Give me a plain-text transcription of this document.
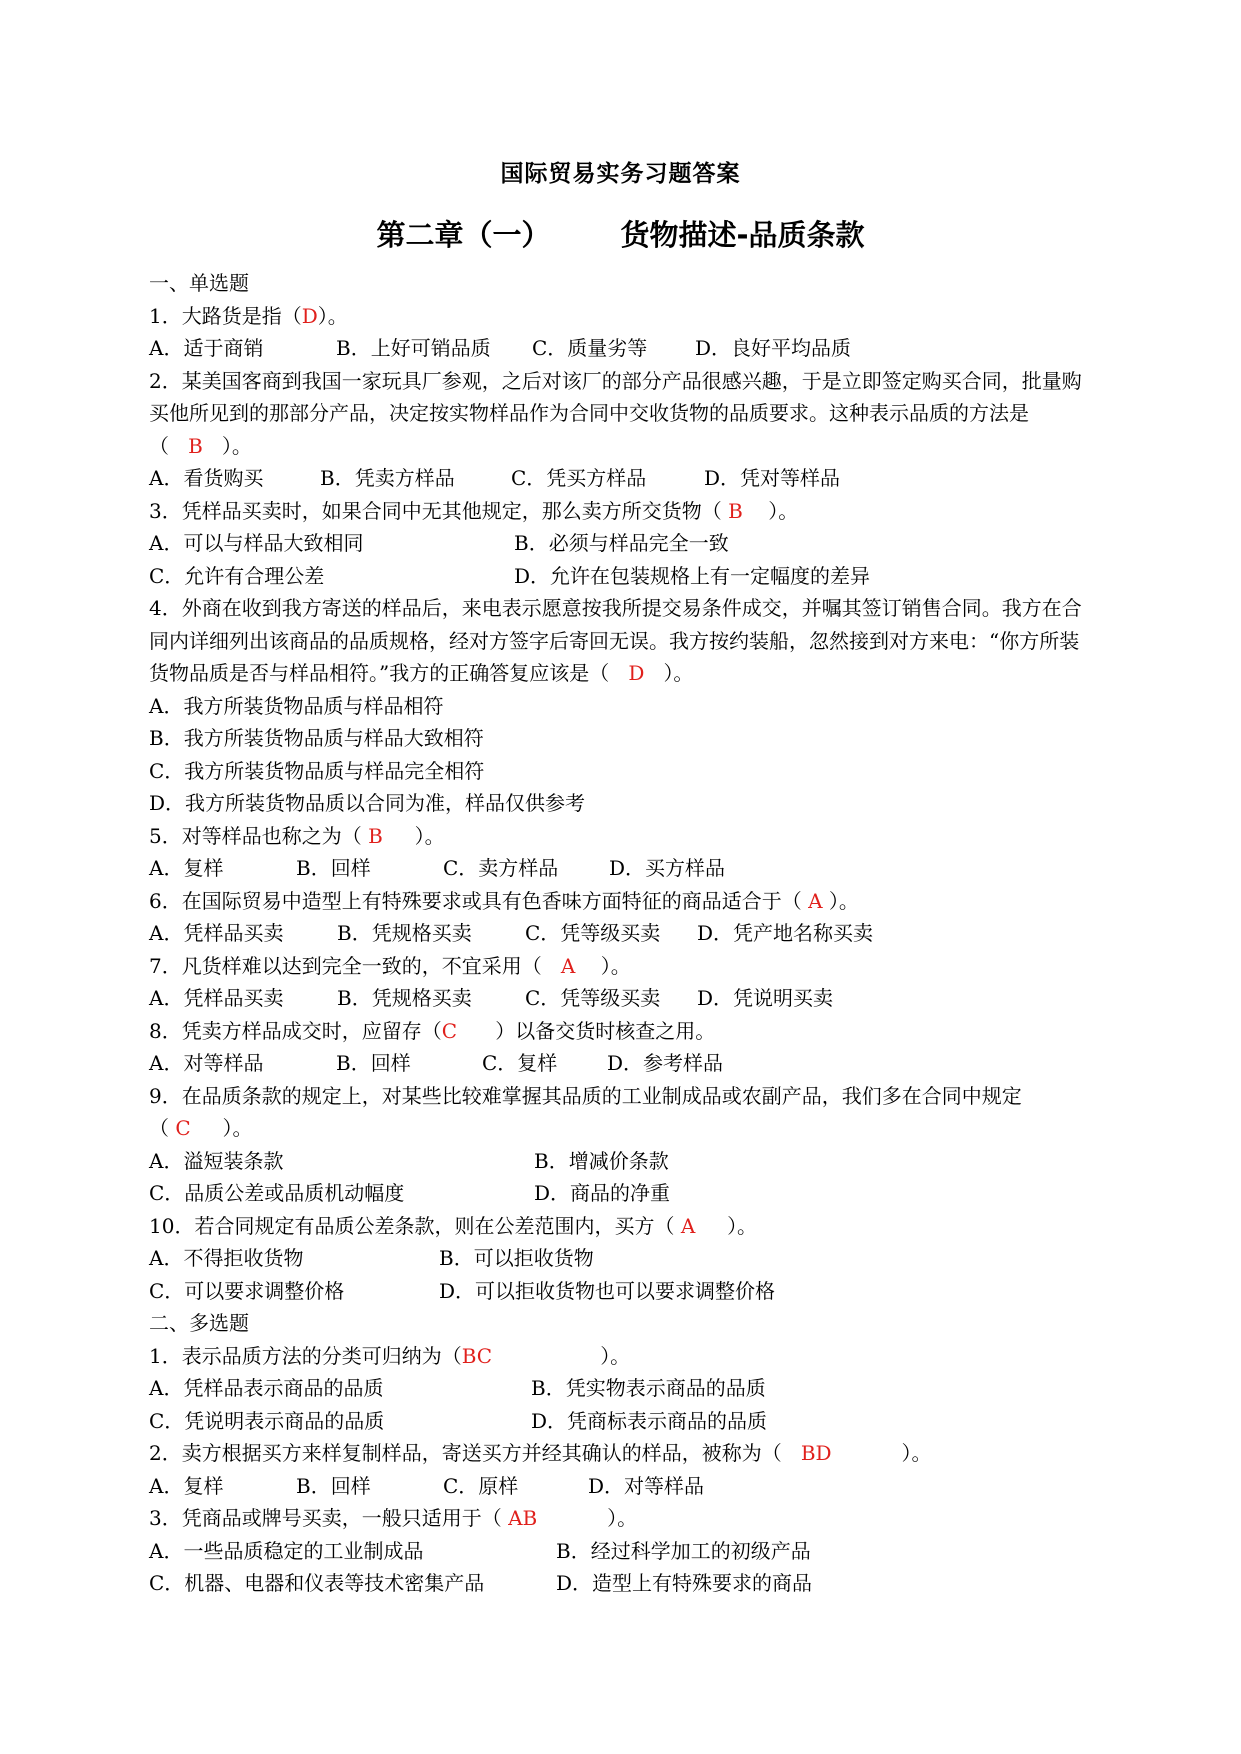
国际贸易实务习题答案
第二章（一） 货物描述-品质条款
一、单选题
1．大路货是指（D）。
A．适于商销	B．上好可销品质	C．质量劣等	D．良好平均品质
2．某美国客商到我国一家玩具厂参观，之后对该厂的部分产品很感兴趣，于是立即签定购买合同，批量购买他所见到的那部分产品，决定按实物样品作为合同中交收货物的品质要求。这种表示品质的方法是（ B ）。
A．看货购买	B．凭卖方样品	C．凭买方样品	D．凭对等样品
3．凭样品买卖时，如果合同中无其他规定，那么卖方所交货物（ B ）。
A．可以与样品大致相同	B．必须与样品完全一致
C．允许有合理公差	D．允许在包装规格上有一定幅度的差异
4．外商在收到我方寄送的样品后，来电表示愿意按我所提交易条件成交，并嘱其签订销售合同。我方在合同内详细列出该商品的品质规格，经对方签字后寄回无误。我方按约装船，忽然接到对方来电：“你方所装货物品质是否与样品相符。”我方的正确答复应该是（ D ）。
A．我方所装货物品质与样品相符
B．我方所装货物品质与样品大致相符
C．我方所装货物品质与样品完全相符
D．我方所装货物品质以合同为准，样品仅供参考
5．对等样品也称之为（ B ）。
A．复样	B．回样	C．卖方样品	D．买方样品
6．在国际贸易中造型上有特殊要求或具有色香味方面特征的商品适合于（ A ）。
A．凭样品买卖	B．凭规格买卖	C．凭等级买卖	D．凭产地名称买卖
7．凡货样难以达到完全一致的，不宜采用（ A ）。
A．凭样品买卖	B．凭规格买卖	C．凭等级买卖	D．凭说明买卖
8．凭卖方样品成交时，应留存（C ）以备交货时核查之用。
A．对等样品	B．回样	C．复样	D．参考样品
9．在品质条款的规定上，对某些比较难掌握其品质的工业制成品或农副产品，我们多在合同中规定
（ C ）。
A．溢短装条款	B．增减价条款
C．品质公差或品质机动幅度	D．商品的净重
10．若合同规定有品质公差条款，则在公差范围内，买方（ A ）。
A．不得拒收货物	B．可以拒收货物
C．可以要求调整价格	D．可以拒收货物也可以要求调整价格
二、多选题
1．表示品质方法的分类可归纳为（BC	）。
A．凭样品表示商品的品质	B．凭实物表示商品的品质
C．凭说明表示商品的品质	D．凭商标表示商品的品质
2．卖方根据买方来样复制样品，寄送买方并经其确认的样品，被称为（ BD	）。
A．复样	B．回样	C．原样	D．对等样品
3．凭商品或牌号买卖，一般只适用于（ AB	）。
A．一些品质稳定的工业制成品	B．经过科学加工的初级产品
C．机器、电器和仪表等技术密集产品	D．造型上有特殊要求的商品
